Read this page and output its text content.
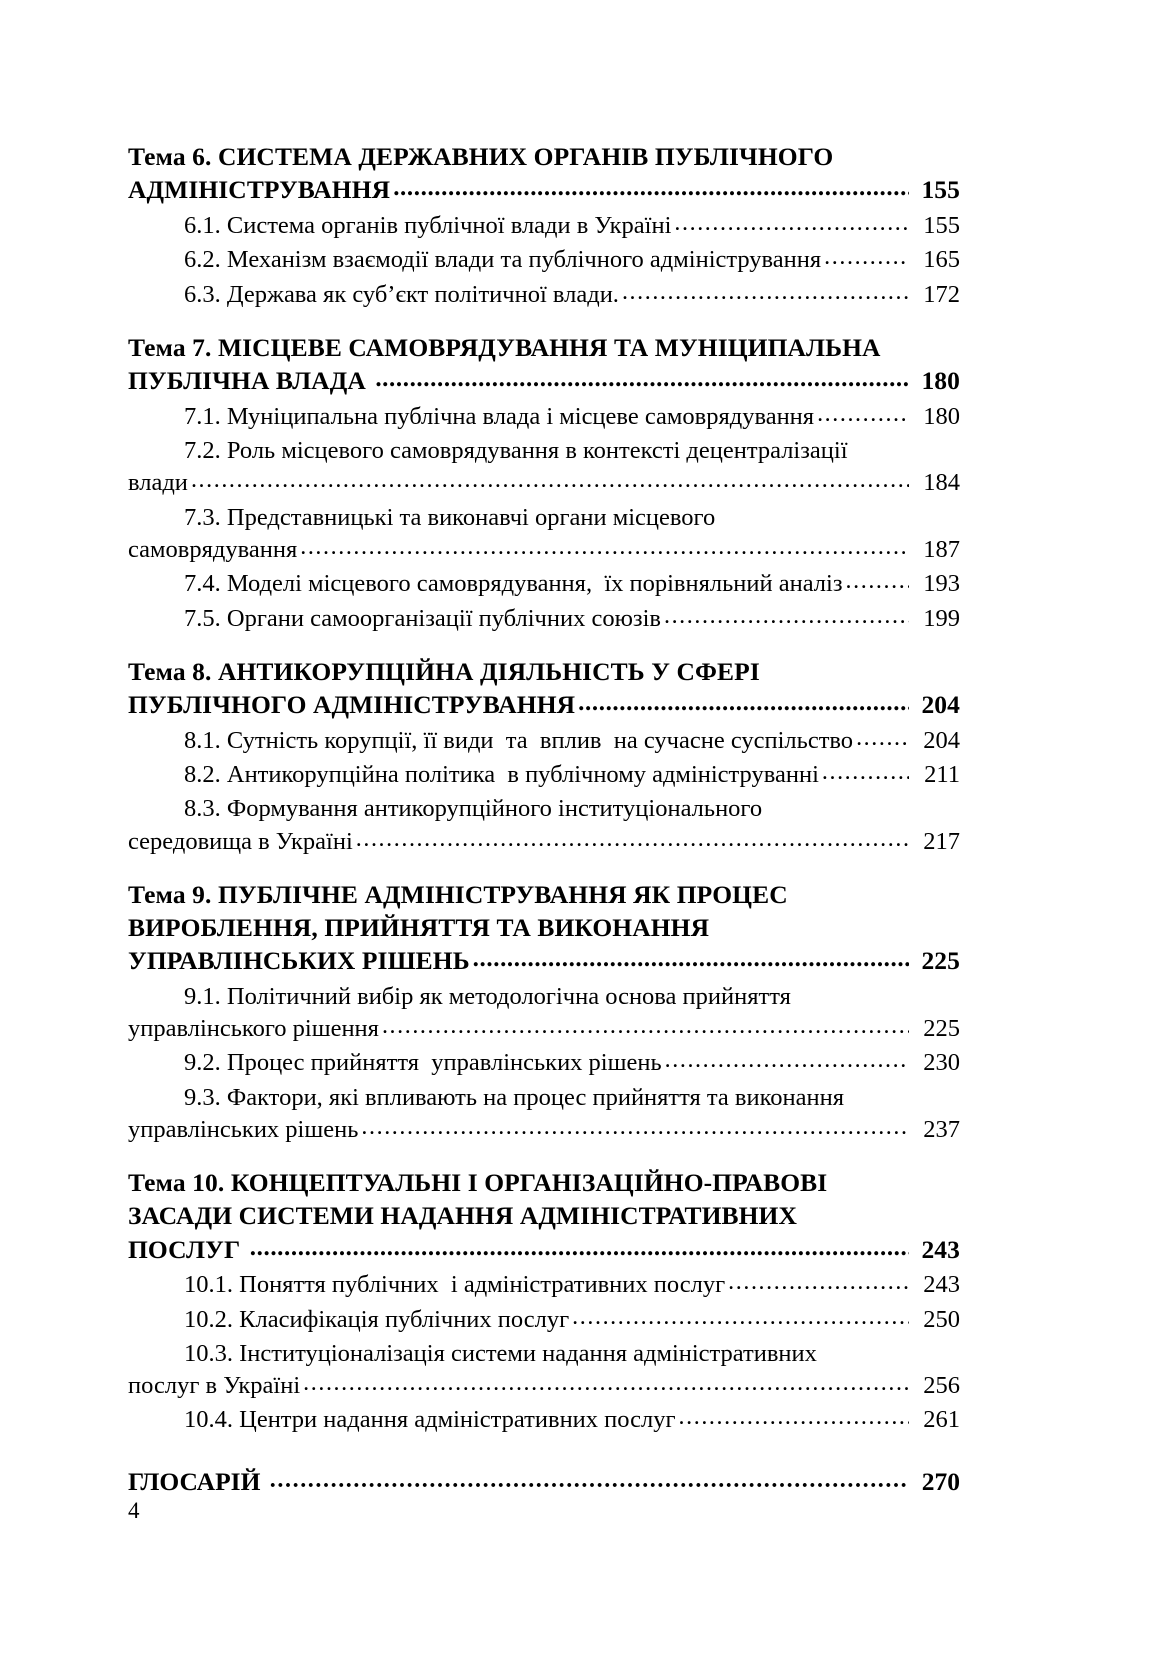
Тема 6. СИСТЕМА ДЕРЖАВНИХ ОРГАНІВ ПУБЛІЧНОГО
АДМІНІСТРУВАННЯ .....	155
6.1. Система органів публічної влади в Україні .....	155
6.2. Механізм взаємодії влади та публічного адміністрування .....	165
6.3. Держава як суб’єкт політичної влади. .....	172
Тема 7. МІСЦЕВЕ САМОВРЯДУВАННЯ ТА МУНІЦИПАЛЬНА
ПУБЛІЧНА ВЛАДА .....	180
7.1. Муніципальна публічна влада і місцеве самоврядування .....	180
7.2. Роль місцевого самоврядування в контексті децентралізації
влади .....	184
7.3. Представницькі та виконавчі органи місцевого
самоврядування .....	187
7.4. Моделі місцевого самоврядування,  їх порівняльний аналіз .....	193
7.5. Органи самоорганізації публічних союзів .....	199
Тема 8. АНТИКОРУПЦІЙНА ДІЯЛЬНІСТЬ У СФЕРІ
ПУБЛІЧНОГО АДМІНІСТРУВАННЯ .....	204
8.1. Сутність корупції, її види  та  вплив  на сучасне суспільство .....	204
8.2. Антикорупційна політика  в публічному адмініструванні .....	211
8.3. Формування антикорупційного інституціонального
середовища в Україні .....	217
Тема 9. ПУБЛІЧНЕ АДМІНІСТРУВАННЯ ЯК ПРОЦЕС
ВИРОБЛЕННЯ, ПРИЙНЯТТЯ ТА ВИКОНАННЯ
УПРАВЛІНСЬКИХ РІШЕНЬ .....	225
9.1. Політичний вибір як методологічна основа прийняття
управлінського рішення .....	225
9.2. Процес прийняття  управлінських рішень .....	230
9.3. Фактори, які впливають на процес прийняття та виконання
управлінських рішень .....	237
Тема 10. КОНЦЕПТУАЛЬНІ І ОРГАНІЗАЦІЙНО-ПРАВОВІ
ЗАСАДИ СИСТЕМИ НАДАННЯ АДМІНІСТРАТИВНИХ
ПОСЛУГ .....	243
10.1. Поняття публічних  і адміністративних послуг .....	243
10.2. Класифікація публічних послуг .....	250
10.3. Інституціоналізація системи надання адміністративних
послуг в Україні .....	256
10.4. Центри надання адміністративних послуг .....	261
ГЛОСАРІЙ .....	270
4
